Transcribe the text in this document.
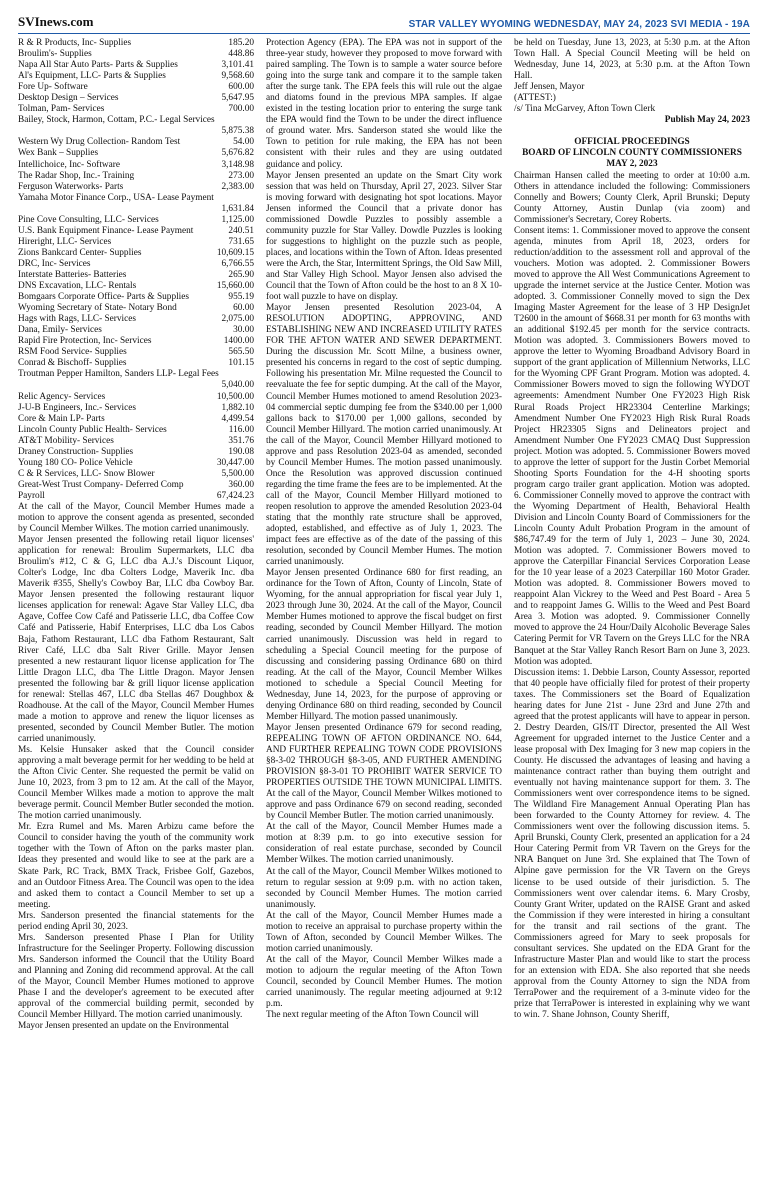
SVInews.com	STAR VALLEY WYOMING WEDNESDAY, MAY 24, 2023 SVI MEDIA - 19A
R & R Products, Inc- Supplies	185.20
Broulim's- Supplies	448.86
Napa All Star Auto Parts- Parts & Supplies	3,101.41
Al's Equipment, LLC- Parts & Supplies	9,568.60
Fore Up- Software	600.00
Desktop Design – Services	5,647.95
Tolman, Pam- Services	700.00
Bailey, Stock, Harmon, Cottam, P.C.- Legal Services
5,875.38
Western Wy Drug Collection- Random Test	54.00
Wex Bank – Supplies	5,676.82
Intellichoice, Inc- Software	3,148.98
The Radar Shop, Inc.- Training	273.00
Ferguson Waterworks- Parts	2,383.00
Yamaha Motor Finance Corp., USA- Lease Payment
1,631.84
Pine Cove Consulting, LLC- Services	1,125.00
U.S. Bank Equipment Finance- Lease Payment	240.51
Hireright, LLC- Services	731.65
Zions Bankcard Center- Supplies	10,609.15
DRC, Inc- Services	6,766.55
Interstate Batteries- Batteries	265.90
DNS Excavation, LLC- Rentals	15,660.00
Bomgaars Corporate Office- Parts & Supplies	955.19
Wyoming Secretary of State- Notary Bond	60.00
Hags with Rags, LLC- Services	2,075.00
Dana, Emily- Services	30.00
Rapid Fire Protection, Inc- Services	1400.00
RSM Food Service- Supplies	565.50
Conrad & Bischoff- Supplies	101.15
Troutman Pepper Hamilton, Sanders LLP- Legal Fees
5,040.00
Relic Agency- Services	10,500.00
J-U-B Engineers, Inc.- Services	1,882.10
Core & Main LP- Parts	4,499.54
Lincoln County Public Health- Services	116.00
AT&T Mobility- Services	351.76
Draney Construction- Supplies	190.08
Young 180 CO- Police Vehicle	30,447.00
C & R Services, LLC- Snow Blower	5,500.00
Great-West Trust Company- Deferred Comp	360.00
Payroll	67,424.23

At the call of the Mayor, Council Member Humes made a motion to approve the consent agenda as presented, seconded by Council Member Wilkes. The motion carried unanimously.

Mayor Jensen presented the following retail liquor licenses' application for renewal: Broulim Supermarkets, LLC dba Broulim's #12, C & G, LLC dba A.J.'s Discount Liquor, Colter's Lodge, Inc dba Colters Lodge, Maverik Inc. dba Maverik #355, Shelly's Cowboy Bar, LLC dba Cowboy Bar. Mayor Jensen presented the following restaurant liquor licenses application for renewal: Agave Star Valley LLC, dba Agave, Coffee Cow Café and Patisserie LLC, dba Coffee Cow Café and Patisserie, Habif Enterprises, LLC dba Los Cabos Baja, Fathom Restaurant, LLC dba Fathom Restaurant, Salt River Café, LLC dba Salt River Grille. Mayor Jensen presented a new restaurant liquor license application for The Little Dragon LLC, dba The Little Dragon. Mayor Jensen presented the following bar & grill liquor license application for renewal: Stellas 467, LLC dba Stellas 467 Doughbox & Roadhouse. At the call of the Mayor, Council Member Humes made a motion to approve and renew the liquor licenses as presented, seconded by Council Member Butler. The motion carried unanimously.

Ms. Kelsie Hunsaker asked that the Council consider approving a malt beverage permit for her wedding to be held at the Afton Civic Center. She requested the permit be valid on June 10, 2023, from 3 pm to 12 am. At the call of the Mayor, Council Member Wilkes made a motion to approve the malt beverage permit. Council Member Butler seconded the motion. The motion carried unanimously.

Mr. Ezra Rumel and Ms. Maren Arbizu came before the Council to consider having the youth of the community work together with the Town of Afton on the parks master plan. Ideas they presented and would like to see at the park are a Skate Park, RC Track, BMX Track, Frisbee Golf, Gazebos, and an Outdoor Fitness Area. The Council was open to the idea and asked them to contact a Council Member to set up a meeting.

Mrs. Sanderson presented the financial statements for the period ending April 30, 2023.

Mrs. Sanderson presented Phase I Plan for Utility Infrastructure for the Seelinger Property. Following discussion Mrs. Sanderson informed the Council that the Utility Board and Planning and Zoning did recommend approval. At the call of the Mayor, Council Member Humes motioned to approve Phase I and the developer's agreement to be executed after approval of the commercial building permit, seconded by Council Member Hillyard. The motion carried unanimously.

Mayor Jensen presented an update on the Environmental

Protection Agency (EPA). The EPA was not in support of the three-year study, however they proposed to move forward with paired sampling. The Town is to sample a water source before going into the surge tank and compare it to the sample taken after the surge tank. The EPA feels this will rule out the algae and diatoms found in the previous MPA samples. If algae existed in the testing location prior to entering the surge tank the EPA would find the Town to be under the direct influence of ground water. Mrs. Sanderson stated she would like the Town to petition for rule making, the EPA has not been consistent with their rules and they are using outdated guidance and policy.

Mayor Jensen presented an update on the Smart City work session that was held on Thursday, April 27, 2023. Silver Star is moving forward with designating hot spot locations. Mayor Jensen informed the Council that a private donor has commissioned Dowdle Puzzles to possibly assemble a community puzzle for Star Valley. Dowdle Puzzles is looking for suggestions to highlight on the puzzle such as people, places, and locations within the Town of Afton. Ideas presented were the Arch, the Star, Intermittent Springs, the Old Saw Mill, and Star Valley High School. Mayor Jensen also advised the Council that the Town of Afton could be the host to an 8 X 10-foot wall puzzle to have on display.

Mayor Jensen presented Resolution 2023-04, A RESOLUTION ADOPTING, APPROVING, AND ESTABLISHING NEW AND INCREASED UTILITY RATES FOR THE AFTON WATER AND SEWER DEPARTMENT. During the discussion Mr. Scott Milne, a business owner, presented his concerns in regard to the cost of septic dumping. Following his presentation Mr. Milne requested the Council to reevaluate the fee for septic dumping. At the call of the Mayor, Council Member Humes motioned to amend Resolution 2023-04 commercial septic dumping fee from the $340.00 per 1,000 gallons back to $170.00 per 1,000 gallons, seconded by Council Member Hillyard. The motion carried unanimously. At the call of the Mayor, Council Member Hillyard motioned to approve and pass Resolution 2023-04 as amended, seconded by Council Member Humes. The motion passed unanimously. Once the Resolution was approved discussion continued regarding the time frame the fees are to be implemented. At the call of the Mayor, Council Member Hillyard motioned to reopen resolution to approve the amended Resolution 2023-04 stating that the monthly rate structure shall be approved, adopted, established, and effective as of July 1, 2023. The impact fees are effective as of the date of the passing of this resolution, seconded by Council Member Humes. The motion carried unanimously.

Mayor Jensen presented Ordinance 680 for first reading, an ordinance for the Town of Afton, County of Lincoln, State of Wyoming, for the annual appropriation for fiscal year July 1, 2023 through June 30, 2024. At the call of the Mayor, Council Member Humes motioned to approve the fiscal budget on first reading, seconded by Council Member Hillyard. The motion carried unanimously. Discussion was held in regard to scheduling a Special Council meeting for the purpose of discussing and considering passing Ordinance 680 on third reading. At the call of the Mayor, Council Member Wilkes motioned to schedule a Special Council Meeting for Wednesday, June 14, 2023, for the purpose of approving or denying Ordinance 680 on third reading, seconded by Council Member Hillyard. The motion passed unanimously.

Mayor Jensen presented Ordinance 679 for second reading, REPEALING TOWN OF AFTON ORDINANCE NO. 644, AND FURTHER REPEALING TOWN CODE PROVISIONS §8-3-02 THROUGH §8-3-05, AND FURTHER AMENDING PROVISION §8-3-01 TO PROHIBIT WATER SERVICE TO PROPERTIES OUTSIDE THE TOWN MUNICIPAL LIMITS. At the call of the Mayor, Council Member Wilkes motioned to approve and pass Ordinance 679 on second reading, seconded by Council Member Butler. The motion carried unanimously.

At the call of the Mayor, Council Member Humes made a motion at 8:39 p.m. to go into executive session for consideration of real estate purchase, seconded by Council Member Wilkes. The motion carried unanimously.

At the call of the Mayor, Council Member Wilkes motioned to return to regular session at 9:09 p.m. with no action taken, seconded by Council Member Humes. The motion carried unanimously.

At the call of the Mayor, Council Member Humes made a motion to receive an appraisal to purchase property within the Town of Afton, seconded by Council Member Wilkes. The motion carried unanimously.

At the call of the Mayor, Council Member Wilkes made a motion to adjourn the regular meeting of the Afton Town Council, seconded by Council Member Humes. The motion carried unanimously. The regular meeting adjourned at 9:12 p.m.

The next regular meeting of the Afton Town Council will

be held on Tuesday, June 13, 2023, at 5:30 p.m. at the Afton Town Hall. A Special Council Meeting will be held on Wednesday, June 14, 2023, at 5:30 p.m. at the Afton Town Hall.

Jeff Jensen, Mayor

(ATTEST:)

/s/ Tina McGarvey, Afton Town Clerk

Publish May 24, 2023

OFFICIAL PROCEEDINGS

BOARD OF LINCOLN COUNTY COMMISSIONERS

MAY 2, 2023

Chairman Hansen called the meeting to order at 10:00 a.m. Others in attendance included the following: Commissioners Connelly and Bowers; County Clerk, April Brunski; Deputy County Attorney, Austin Dunlap (via zoom) and Commissioner's Secretary, Corey Roberts.

Consent items: 1. Commissioner moved to approve the consent agenda, minutes from April 18, 2023, orders for reduction/addition to the assessment roll and approval of the vouchers. Motion was adopted. 2. Commissioner Bowers moved to approve the All West Communications Agreement to upgrade the internet service at the Justice Center. Motion was adopted. 3. Commissioner Connelly moved to sign the Dex Imaging Master Agreement for the lease of 3 HP DesignJet T2600 in the amount of $668.31 per month for 63 months with an additional $192.45 per month for the service contracts. Motion was adopted. 3. Commissioners Bowers moved to approve the letter to Wyoming Broadband Advisory Board in support of the grant application of Millennium Networks, LLC for the Wyoming CPF Grant Program. Motion was adopted. 4. Commissioner Bowers moved to sign the following WYDOT agreements: Amendment Number One FY2023 High Risk Rural Roads Project HR23304 Centerline Markings; Amendment Number One FY2023 High Risk Rural Roads Project HR23305 Signs and Delineators project and Amendment Number One FY2023 CMAQ Dust Suppression project. Motion was adopted. 5. Commissioner Bowers moved to approve the letter of support for the Justin Corbet Memorial Shooting Sports Foundation for the 4-H shooting sports program cargo trailer grant application. Motion was adopted. 6. Commissioner Connelly moved to approve the contract with the Wyoming Department of Health, Behavioral Health Division and Lincoln County Board of Commissioners for the Lincoln County Adult Probation Program in the amount of $86,747.49 for the term of July 1, 2023 – June 30, 2024. Motion was adopted. 7. Commissioner Bowers moved to approve the Caterpillar Financial Services Corporation Lease for the 10 year lease of a 2023 Caterpillar 160 Motor Grader. Motion was adopted. 8. Commissioner Bowers moved to reappoint Alan Vickrey to the Weed and Pest Board - Area 5 and to reappoint James G. Willis to the Weed and Pest Board Area 3. Motion was adopted. 9. Commissioner Connelly moved to approve the 24 Hour/Daily Alcoholic Beverage Sales Catering Permit for VR Tavern on the Greys LLC for the NRA Banquet at the Star Valley Ranch Resort Barn on June 3, 2023. Motion was adopted.

Discussion items: 1. Debbie Larson, County Assessor, reported that 40 people have officially filed for protest of their property taxes. The Commissioners set the Board of Equalization hearing dates for June 21st - June 23rd and June 27th and agreed that the protest applicants will have to appear in person. 2. Destry Dearden, GIS/IT Director, presented the All West Agreement for upgraded internet to the Justice Center and a lease proposal with Dex Imaging for 3 new map copiers in the County. He discussed the advantages of leasing and having a maintenance contract rather than buying them outright and eventually not having maintenance support for them. 3. The Commissioners went over correspondence items to be signed. The Wildland Fire Management Annual Operating Plan has been forwarded to the County Attorney for review. 4. The Commissioners went over the following discussion items. 5. April Brunski, County Clerk, presented an application for a 24 Hour Catering Permit from VR Tavern on the Greys for the NRA Banquet on June 3rd. She explained that The Town of Alpine gave permission for the VR Tavern on the Greys license to be used outside of their jurisdiction. 5. The Commissioners went over calendar items. 6. Mary Crosby, County Grant Writer, updated on the RAISE Grant and asked the Commission if they were interested in hiring a consultant for the transit and rail sections of the grant. The Commissioners agreed for Mary to seek proposals for consultant services. She updated on the EDA Grant for the Infrastructure Master Plan and would like to start the process for an extension with EDA. She also reported that she needs approval from the County Attorney to sign the NDA from TerraPower and the requirement of a 3-minute video for the prize that TerraPower is interested in explaining why we want to win. 7. Shane Johnson, County Sheriff,
